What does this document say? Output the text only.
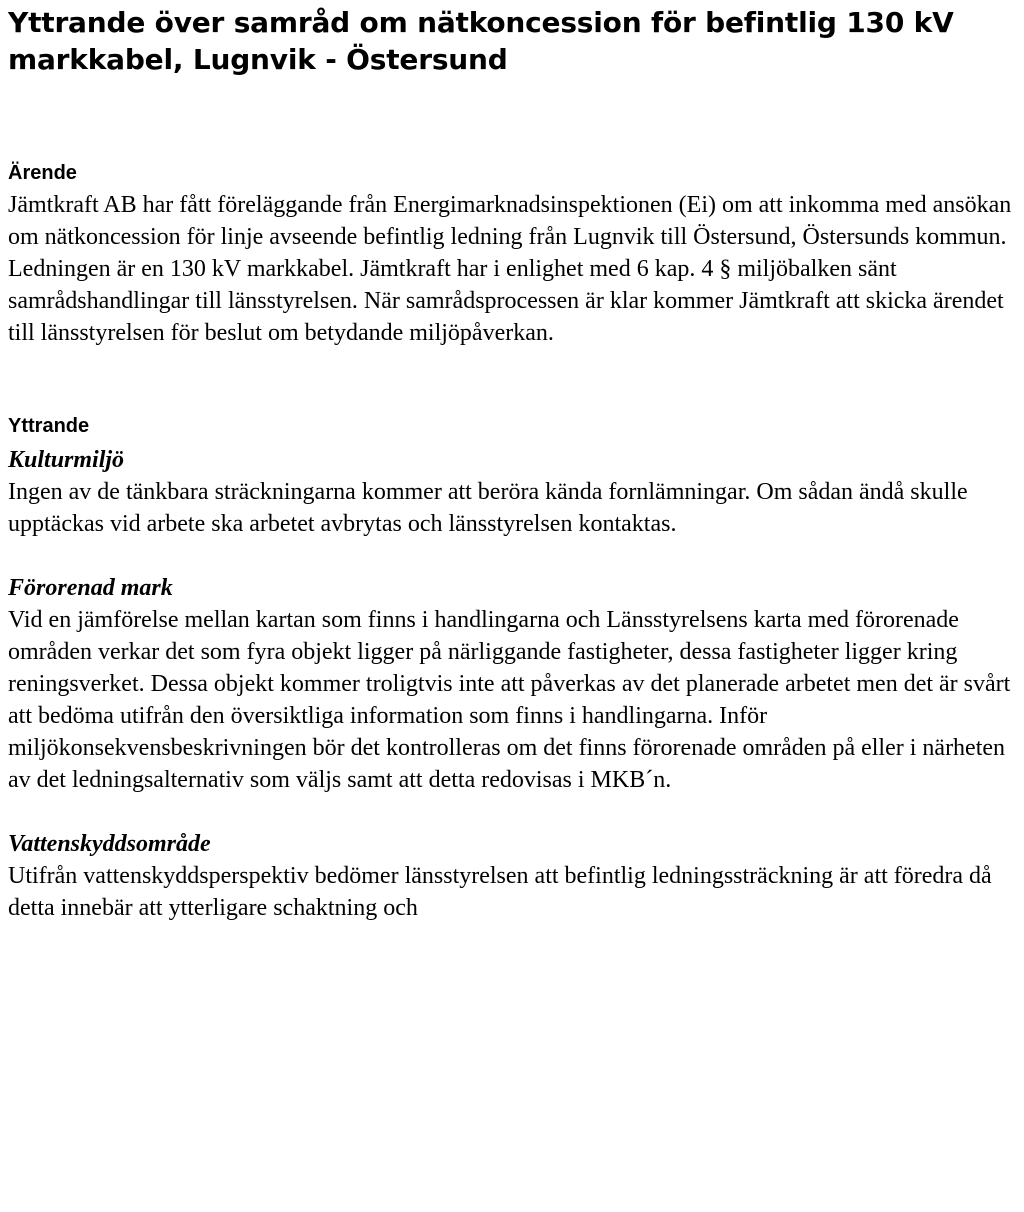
Yttrande över samråd om nätkoncession för befintlig 130 kV markkabel, Lugnvik - Östersund
Ärende

Jämtkraft AB har fått föreläggande från Energimarknadsinspektionen (Ei) om att inkomma med ansökan om nätkoncession för linje avseende befintlig ledning från Lugnvik till Östersund, Östersunds kommun. Ledningen är en 130 kV markkabel. Jämtkraft har i enlighet med 6 kap. 4 § miljöbalken sänt samrådshandlingar till länsstyrelsen. När samrådsprocessen är klar kommer Jämtkraft att skicka ärendet till länsstyrelsen för beslut om betydande miljöpåverkan.

Yttrande
Kulturmiljö

Ingen av de tänkbara sträckningarna kommer att beröra kända fornlämningar. Om sådan ändå skulle upptäckas vid arbete ska arbetet avbrytas och länsstyrelsen kontaktas.

Förorenad mark

Vid en jämförelse mellan kartan som finns i handlingarna och Länsstyrelsens karta med förorenade områden verkar det som fyra objekt ligger på närliggande fastigheter, dessa fastigheter ligger kring reningsverket. Dessa objekt kommer troligtvis inte att påverkas av det planerade arbetet men det är svårt att bedöma utifrån den översiktliga information som finns i handlingarna. Inför miljökonsekvensbeskrivningen bör det kontrolleras om det finns förorenade områden på eller i närheten av det ledningsalternativ som väljs samt att detta redovisas i MKB´n.

Vattenskyddsområde

Utifrån vattenskyddsperspektiv bedömer länsstyrelsen att befintlig ledningssträckning är att föredra då detta innebär att ytterligare schaktning och
